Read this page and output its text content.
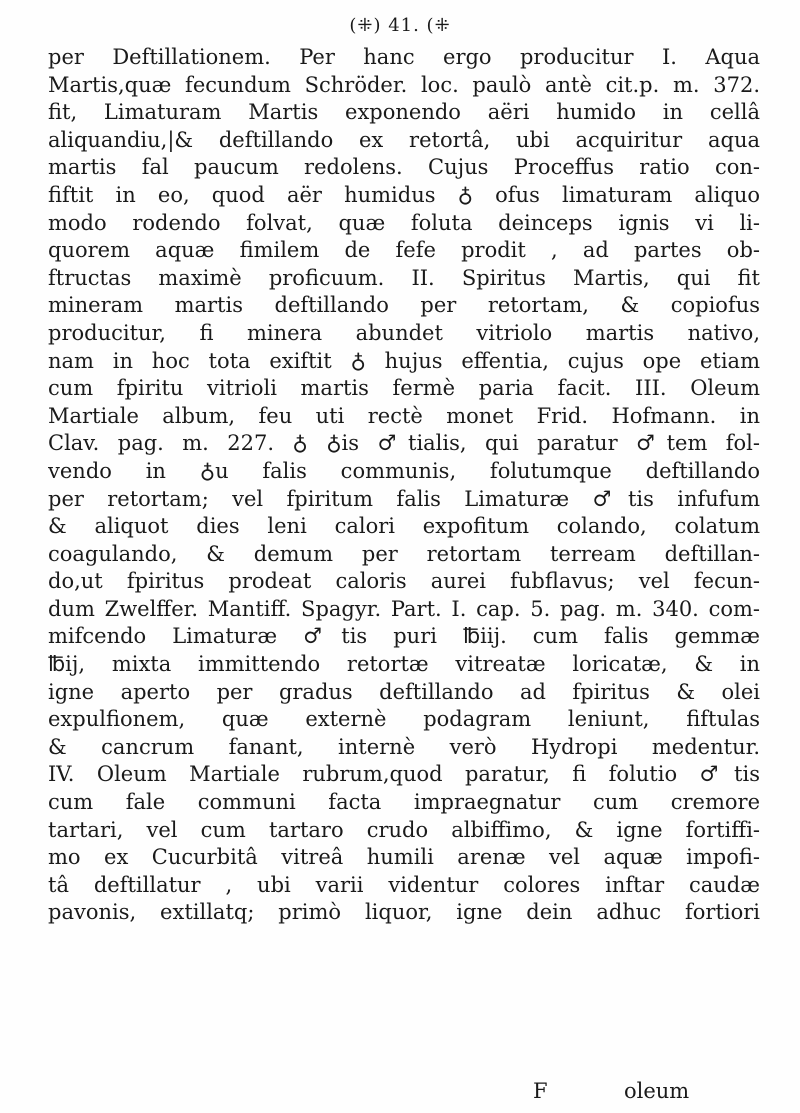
(⁜) 41. (⁜
per Deftillationem. Per hanc ergo producitur I. Aqua
Martis,quæ fecundum Schröder. loc. paulò antè cit.p. m. 372.
fit, Limaturam Martis exponendo aëri humido in cellâ
aliquandiu,|& deftillando ex retortâ, ubi acquiritur aqua
martis fal paucum redolens. Cujus Proceffus ratio con-
fiftit in eo, quod aër humidus ♁ ofus limaturam aliquo
modo rodendo folvat, quæ foluta deinceps ignis vi li-
quorem aquæ fimilem de fefe prodit , ad partes ob-
ftructas maximè proficuum. II. Spiritus Martis, qui fit
mineram martis deftillando per retortam, & copiofus
producitur, fi minera abundet vitriolo martis nativo,
nam in hoc tota exiftit ♁ hujus effentia, cujus ope etiam
cum fpiritu vitrioli martis fermè paria facit. III. Oleum
Martiale album, feu uti rectè monet Frid. Hofmann. in
Clav. pag. m. 227. ♁ ♁is ♂tialis, qui paratur ♂tem fol-
vendo in ♁u falis communis, folutumque deftillando
per retortam; vel fpiritum falis Limaturæ ♂tis infufum
& aliquot dies leni calori expofitum colando, colatum
coagulando, & demum per retortam terream deftillan-
do,ut fpiritus prodeat caloris aurei fubflavus; vel fecun-
dum Zwelffer. Mantiff. Spagyr. Part. I. cap. 5. pag. m. 340. com-
mifcendo Limaturæ ♂tis puri ℔iij. cum falis gemmæ
℔ij, mixta immittendo retortæ vitreatæ loricatæ, & in
igne aperto per gradus deftillando ad fpiritus & olei
expulfionem, quæ externè podagram leniunt, fiftulas
& cancrum fanant, internè verò Hydropi medentur.
IV. Oleum Martiale rubrum,quod paratur, fi folutio ♂tis
cum fale communi facta impraegnatur cum cremore
tartari, vel cum tartaro crudo albiffimo, & igne fortiffi-
mo ex Cucurbitâ vitreâ humili arenæ vel aquæ impofi-
tâ deftillatur , ubi varii videntur colores inftar caudæ
pavonis, extillatq; primò liquor, igne dein adhuc fortiori
F	oleum
